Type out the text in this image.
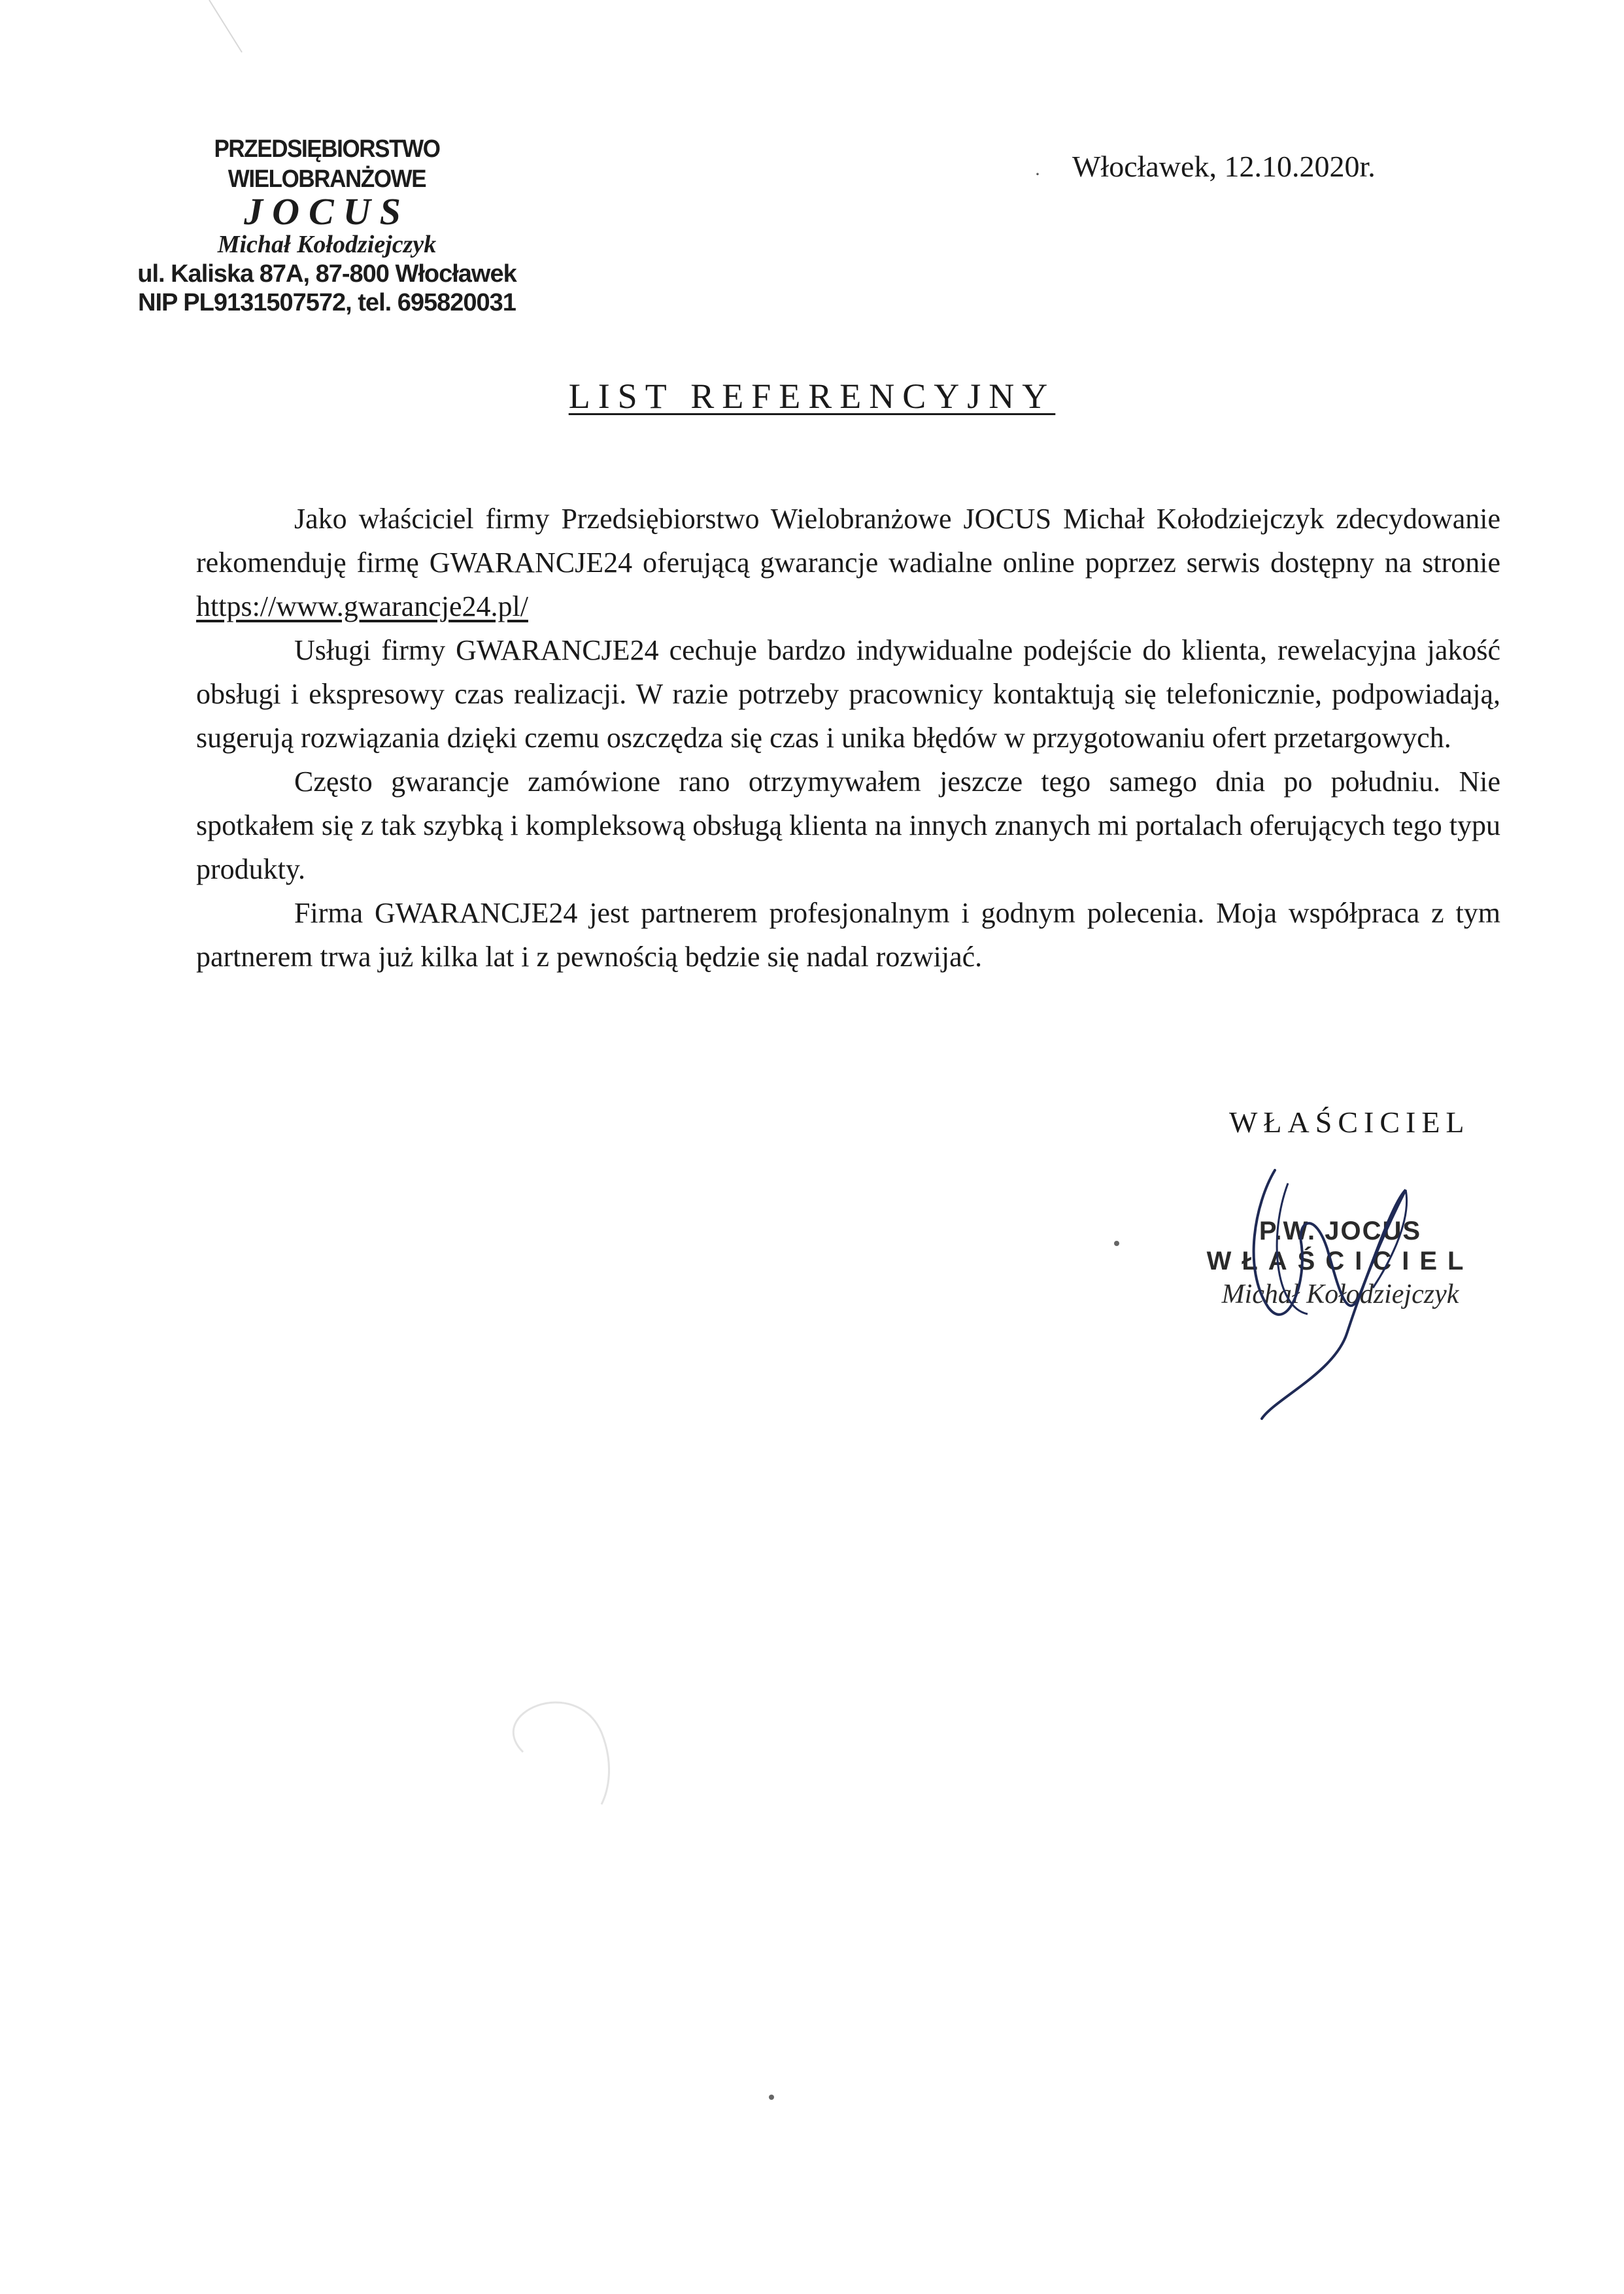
PRZEDSIĘBIORSTWO WIELOBRANŻOWE
JOCUS
Michał Kołodziejczyk
ul. Kaliska 87A, 87-800 Włocławek
NIP PL9131507572, tel. 695820031
· Włocławek, 12.10.2020r.
LIST REFERENCYJNY

Jako właściciel firmy Przedsiębiorstwo Wielobranżowe JOCUS Michał Kołodziejczyk zdecydowanie rekomenduję firmę GWARANCJE24 oferującą gwarancje wadialne online poprzez serwis dostępny na stronie https://www.gwarancje24.pl/

Usługi firmy GWARANCJE24 cechuje bardzo indywidualne podejście do klienta, rewelacyjna jakość obsługi i ekspresowy czas realizacji. W razie potrzeby pracownicy kontaktują się telefonicznie, podpowiadają, sugerują rozwiązania dzięki czemu oszczędza się czas i unika błędów w przygotowaniu ofert przetargowych.

Często gwarancje zamówione rano otrzymywałem jeszcze tego samego dnia po południu. Nie spotkałem się z tak szybką i kompleksową obsługą klienta na innych znanych mi portalach oferujących tego typu produkty.

Firma GWARANCJE24 jest partnerem profesjonalnym i godnym polecenia. Moja współpraca z tym partnerem trwa już kilka lat i z pewnością będzie się nadal rozwijać.

WŁAŚCICIEL
P.W. JOCUS
WŁAŚCICIEL
Michał Kołodziejczyk
